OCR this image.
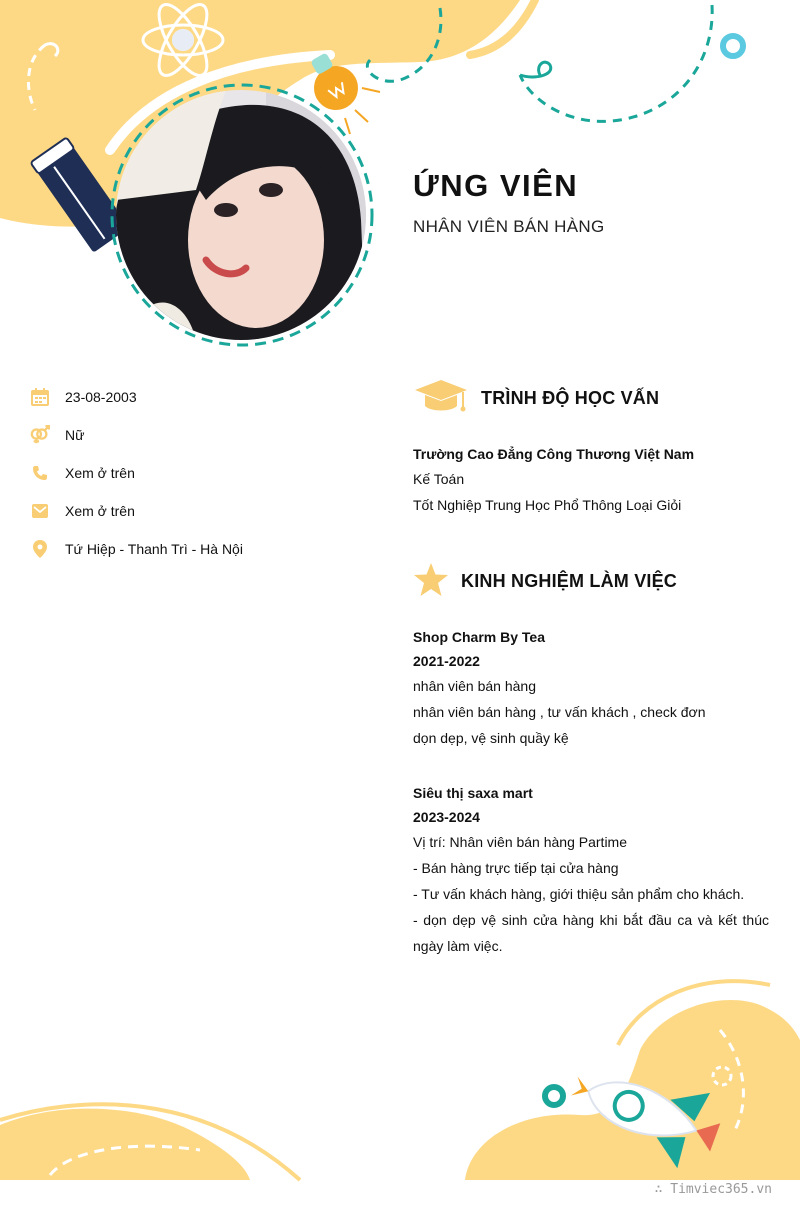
ỨNG VIÊN
NHÂN VIÊN BÁN HÀNG
23-08-2003
Nữ
Xem ở trên
Xem ở trên
Tứ Hiệp - Thanh Trì - Hà Nội
TRÌNH ĐỘ HỌC VẤN
Trường Cao Đẳng Công Thương Việt Nam
Kế Toán
Tốt Nghiệp Trung Học Phổ Thông Loại Giỏi
KINH NGHIỆM LÀM VIỆC
Shop Charm By Tea
2021-2022
nhân viên bán hàng
nhân viên bán hàng , tư vấn khách , check đơn
dọn dẹp, vệ sinh quầy kệ
Siêu thị saxa mart
2023-2024
Vị trí: Nhân viên bán hàng Partime
- Bán hàng trực tiếp tại cửa hàng
- Tư vấn khách hàng, giới thiệu sản phẩm cho khách.
- dọn dẹp vệ sinh cửa hàng khi bắt đầu ca và kết thúc ngày làm việc.
∴ Timviec365.vn
